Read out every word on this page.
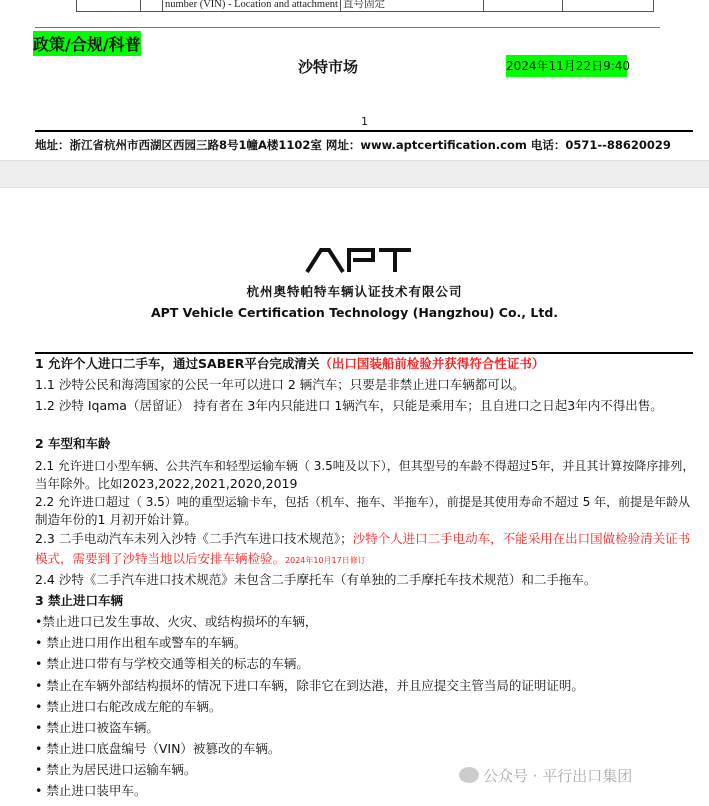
number (VIN) - Location and attachment 直号固定
政策/合规/科普
沙特市场	2024年11月22日9:40
1
地址：浙江省杭州市西湖区西园三路8号1幢A楼1102室 网址：www.aptcertification.com 电话：0571--88620029
杭州奥特帕特车辆认证技术有限公司
APT Vehicle Certification Technology (Hangzhou) Co., Ltd.
1 允许个人进口二手车，通过SABER平台完成清关（出口国装船前检验并获得符合性证书）
1.1 沙特公民和海湾国家的公民一年可以进口 2 辆汽车；只要是非禁止进口车辆都可以。
1.2 沙特 Iqama（居留证） 持有者在 3年内只能进口 1辆汽车，只能是乘用车；且自进口之日起3年内不得出售。
2 车型和车龄
2.1 允许进口小型车辆、公共汽车和轻型运输车辆（ 3.5吨及以下），但其型号的车龄不得超过5年，并且其计算按降序排列，
当年除外。比如2023,2022,2021,2020,2019
2.2 允许进口超过（ 3.5）吨的重型运输卡车，包括（机车、拖车、半拖车），前提是其使用寿命不超过 5 年，前提是年龄从
制造年份的1 月初开始计算。
2.3 二手电动汽车未列入沙特《二手汽车进口技术规范》；沙特个人进口二手电动车，不能采用在出口国做检验清关证书
模式，需要到了沙特当地以后安排车辆检验。2024年10月17日修订
2.4 沙特《二手汽车进口技术规范》未包含二手摩托车（有单独的二手摩托车技术规范）和二手拖车。
3 禁止进口车辆
•禁止进口已发生事故、火灾、或结构损坏的车辆，
• 禁止进口用作出租车或警车的车辆。
• 禁止进口带有与学校交通等相关的标志的车辆。
• 禁止在车辆外部结构损坏的情况下进口车辆，除非它在到达港，并且应提交主管当局的证明证明。
• 禁止进口右舵改成左舵的车辆。
• 禁止进口被盗车辆。
• 禁止进口底盘编号（VIN）被篡改的车辆。
• 禁止为居民进口运输车辆。
• 禁止进口装甲车。
公众号 · 平行出口集团
